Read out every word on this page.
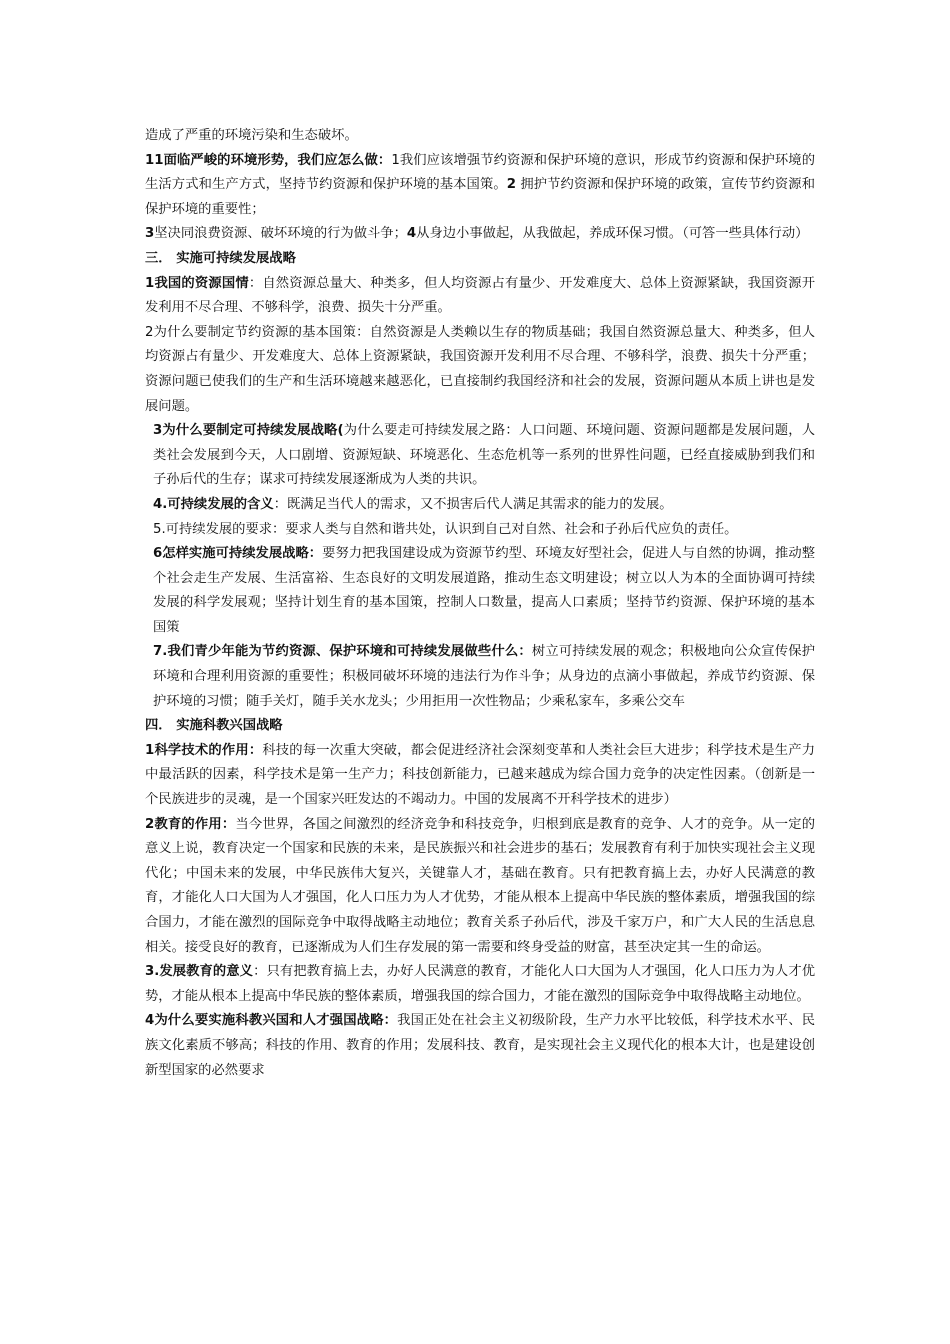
造成了严重的环境污染和生态破坏。

11面临严峻的环境形势，我们应怎么做：1我们应该增强节约资源和保护环境的意识，形成节约资源和保护环境的生活方式和生产方式，坚持节约资源和保护环境的基本国策。2 拥护节约资源和保护环境的政策，宣传节约资源和保护环境的重要性；

3坚决同浪费资源、破坏环境的行为做斗争；4从身边小事做起，从我做起，养成环保习惯。（可答一些具体行动）

三． 实施可持续发展战略

1我国的资源国情：自然资源总量大、种类多，但人均资源占有量少、开发难度大、总体上资源紧缺，我国资源开发利用不尽合理、不够科学，浪费、损失十分严重。

2为什么要制定节约资源的基本国策：自然资源是人类赖以生存的物质基础；我国自然资源总量大、种类多，但人均资源占有量少、开发难度大、总体上资源紧缺，我国资源开发利用不尽合理、不够科学，浪费、损失十分严重；资源问题已使我们的生产和生活环境越来越恶化，已直接制约我国经济和社会的发展，资源问题从本质上讲也是发展问题。

3为什么要制定可持续发展战略(为什么要走可持续发展之路：人口问题、环境问题、资源问题都是发展问题，人类社会发展到今天，人口剧增、资源短缺、环境恶化、生态危机等一系列的世界性问题，已经直接威胁到我们和子孙后代的生存；谋求可持续发展逐渐成为人类的共识。

4.可持续发展的含义：既满足当代人的需求，又不损害后代人满足其需求的能力的发展。

5.可持续发展的要求：要求人类与自然和谐共处，认识到自己对自然、社会和子孙后代应负的责任。

6怎样实施可持续发展战略：要努力把我国建设成为资源节约型、环境友好型社会，促进人与自然的协调，推动整个社会走生产发展、生活富裕、生态良好的文明发展道路，推动生态文明建设；树立以人为本的全面协调可持续发展的科学发展观；坚持计划生育的基本国策，控制人口数量，提高人口素质；坚持节约资源、保护环境的基本国策

7.我们青少年能为节约资源、保护环境和可持续发展做些什么：树立可持续发展的观念；积极地向公众宣传保护环境和合理利用资源的重要性；积极同破坏环境的违法行为作斗争；从身边的点滴小事做起，养成节约资源、保护环境的习惯；随手关灯，随手关水龙头；少用拒用一次性物品；少乘私家车，多乘公交车

四． 实施科教兴国战略

1科学技术的作用：科技的每一次重大突破，都会促进经济社会深刻变革和人类社会巨大进步；科学技术是生产力中最活跃的因素，科学技术是第一生产力；科技创新能力，已越来越成为综合国力竞争的决定性因素。（创新是一个民族进步的灵魂，是一个国家兴旺发达的不竭动力。中国的发展离不开科学技术的进步）

2教育的作用：当今世界，各国之间激烈的经济竞争和科技竞争，归根到底是教育的竞争、人才的竞争。从一定的意义上说，教育决定一个国家和民族的未来，是民族振兴和社会进步的基石；发展教育有利于加快实现社会主义现代化；中国未来的发展，中华民族伟大复兴，关键靠人才，基础在教育。只有把教育搞上去，办好人民满意的教育，才能化人口大国为人才强国，化人口压力为人才优势，才能从根本上提高中华民族的整体素质，增强我国的综合国力，才能在激烈的国际竞争中取得战略主动地位；教育关系子孙后代，涉及千家万户，和广大人民的生活息息相关。接受良好的教育，已逐渐成为人们生存发展的第一需要和终身受益的财富，甚至决定其一生的命运。

3.发展教育的意义：只有把教育搞上去，办好人民满意的教育，才能化人口大国为人才强国，化人口压力为人才优势，才能从根本上提高中华民族的整体素质，增强我国的综合国力，才能在激烈的国际竞争中取得战略主动地位。

4为什么要实施科教兴国和人才强国战略：我国正处在社会主义初级阶段，生产力水平比较低，科学技术水平、民族文化素质不够高；科技的作用、教育的作用；发展科技、教育，是实现社会主义现代化的根本大计，也是建设创新型国家的必然要求
